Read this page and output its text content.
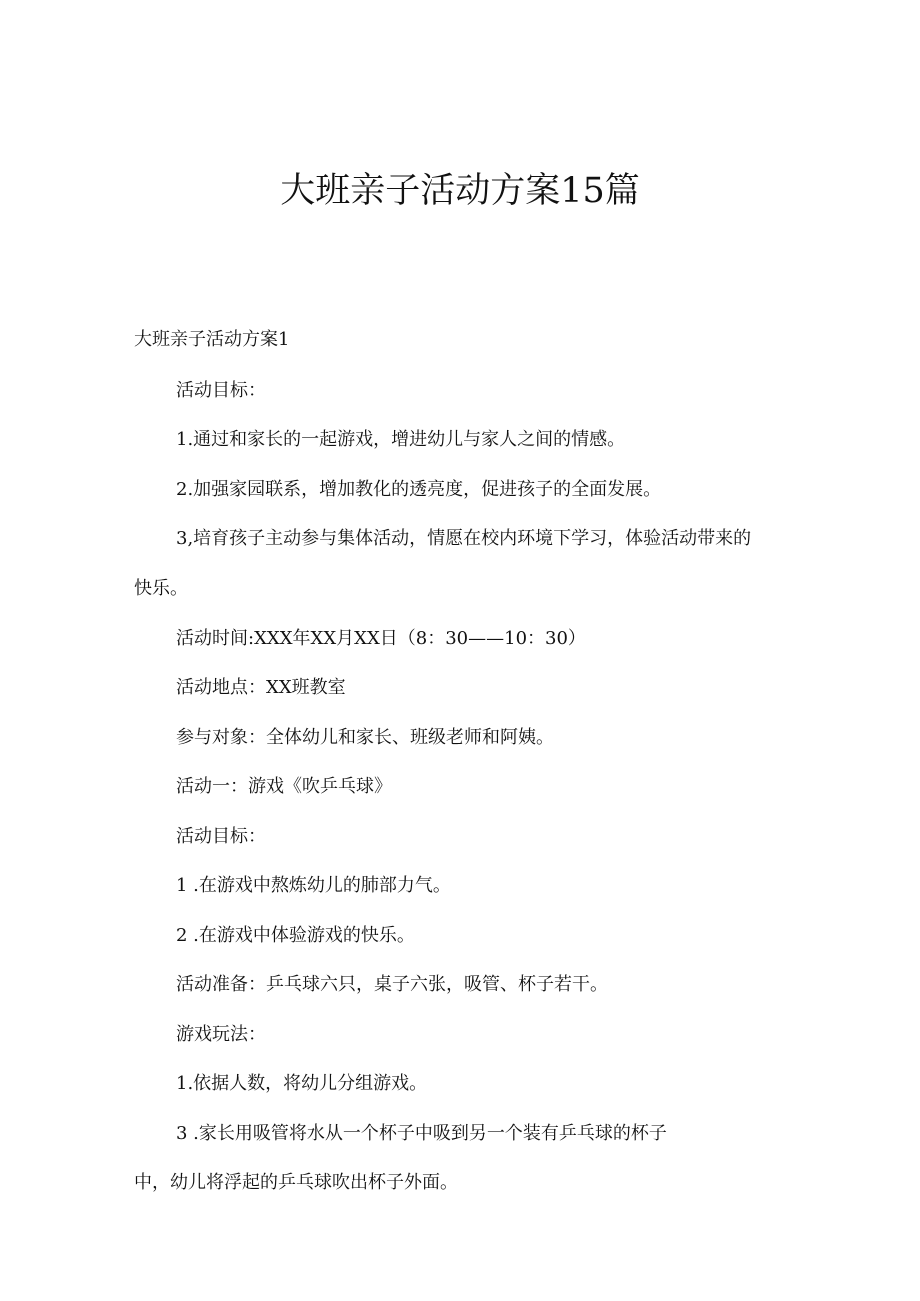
大班亲子活动方案15篇
大班亲子活动方案1
活动目标：
1.通过和家长的一起游戏，增进幼儿与家人之间的情感。
2.加强家园联系，增加教化的透亮度，促进孩子的全面发展。
3,培育孩子主动参与集体活动，情愿在校内环境下学习，体验活动带来的
快乐。
活动时间:XXX年XX月XX日（8：30——10：30）
活动地点：XX班教室
参与对象：全体幼儿和家长、班级老师和阿姨。
活动一：游戏《吹乒乓球》
活动目标：
1 .在游戏中熬炼幼儿的肺部力气。
2 .在游戏中体验游戏的快乐。
活动准备：乒乓球六只，桌子六张，吸管、杯子若干。
游戏玩法：
1.依据人数，将幼儿分组游戏。
3 .家长用吸管将水从一个杯子中吸到另一个装有乒乓球的杯子
中，幼儿将浮起的乒乓球吹出杯子外面。
